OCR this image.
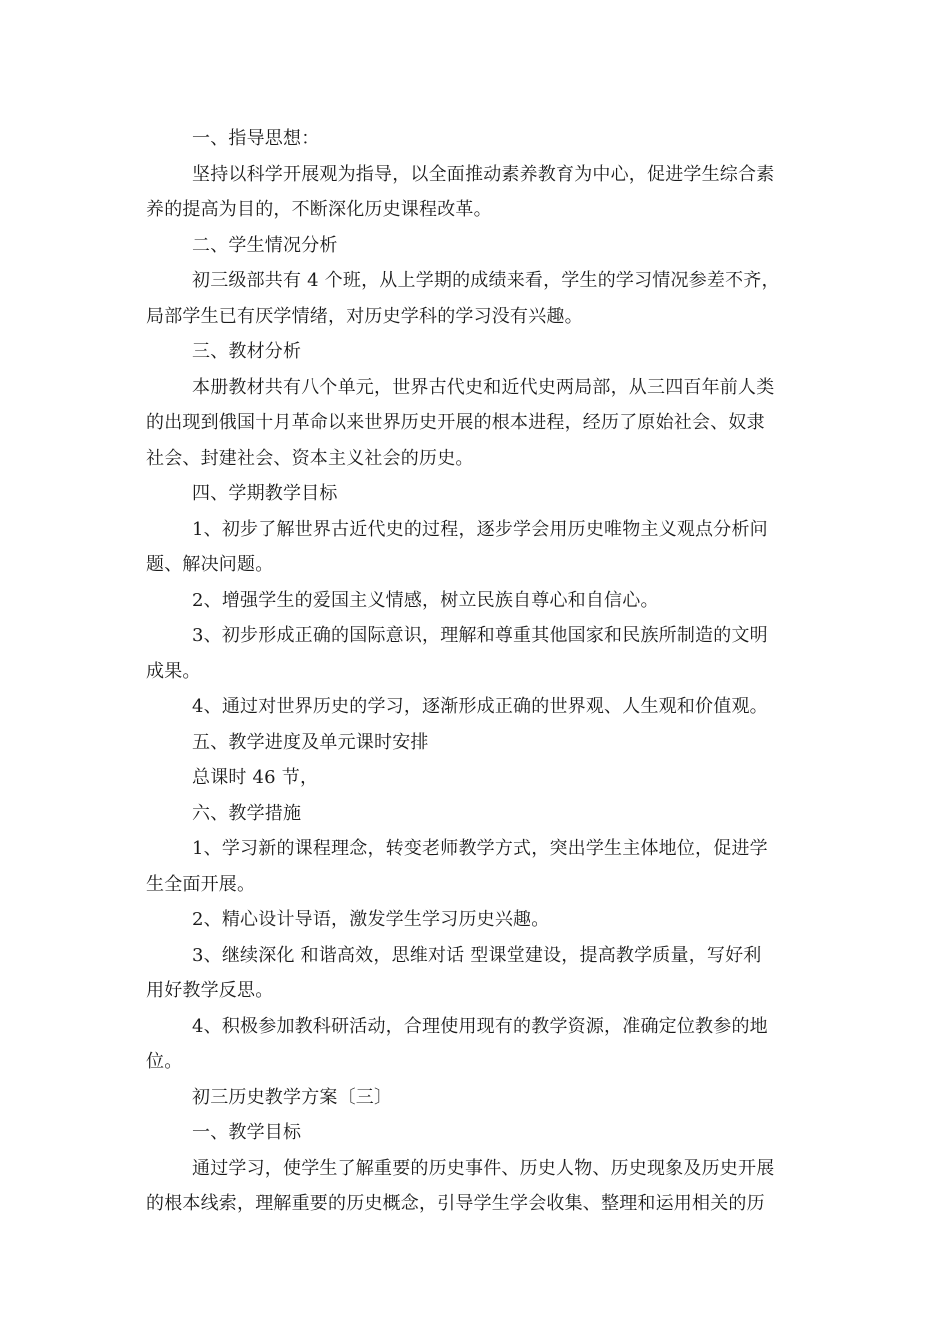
一、指导思想：

坚持以科学开展观为指导，以全面推动素养教育为中心，促进学生综合素

养的提高为目的，不断深化历史课程改革。

二、学生情况分析

初三级部共有 4 个班，从上学期的成绩来看，学生的学习情况参差不齐，

局部学生已有厌学情绪，对历史学科的学习没有兴趣。

三、教材分析

本册教材共有八个单元，世界古代史和近代史两局部，从三四百年前人类

的出现到俄国十月革命以来世界历史开展的根本进程，经历了原始社会、奴隶

社会、封建社会、资本主义社会的历史。

四、学期教学目标

1、初步了解世界古近代史的过程，逐步学会用历史唯物主义观点分析问

题、解决问题。

2、增强学生的爱国主义情感，树立民族自尊心和自信心。

3、初步形成正确的国际意识，理解和尊重其他国家和民族所制造的文明

成果。

4、通过对世界历史的学习，逐渐形成正确的世界观、人生观和价值观。

五、教学进度及单元课时安排

总课时 46 节，

六、教学措施

1、学习新的课程理念，转变老师教学方式，突出学生主体地位，促进学

生全面开展。

2、精心设计导语，激发学生学习历史兴趣。

3、继续深化 和谐高效，思维对话 型课堂建设，提高教学质量，写好利

用好教学反思。

4、积极参加教科研活动，合理使用现有的教学资源，准确定位教参的地

位。

初三历史教学方案〔三〕

一、教学目标

通过学习，使学生了解重要的历史事件、历史人物、历史现象及历史开展

的根本线索，理解重要的历史概念，引导学生学会收集、整理和运用相关的历
